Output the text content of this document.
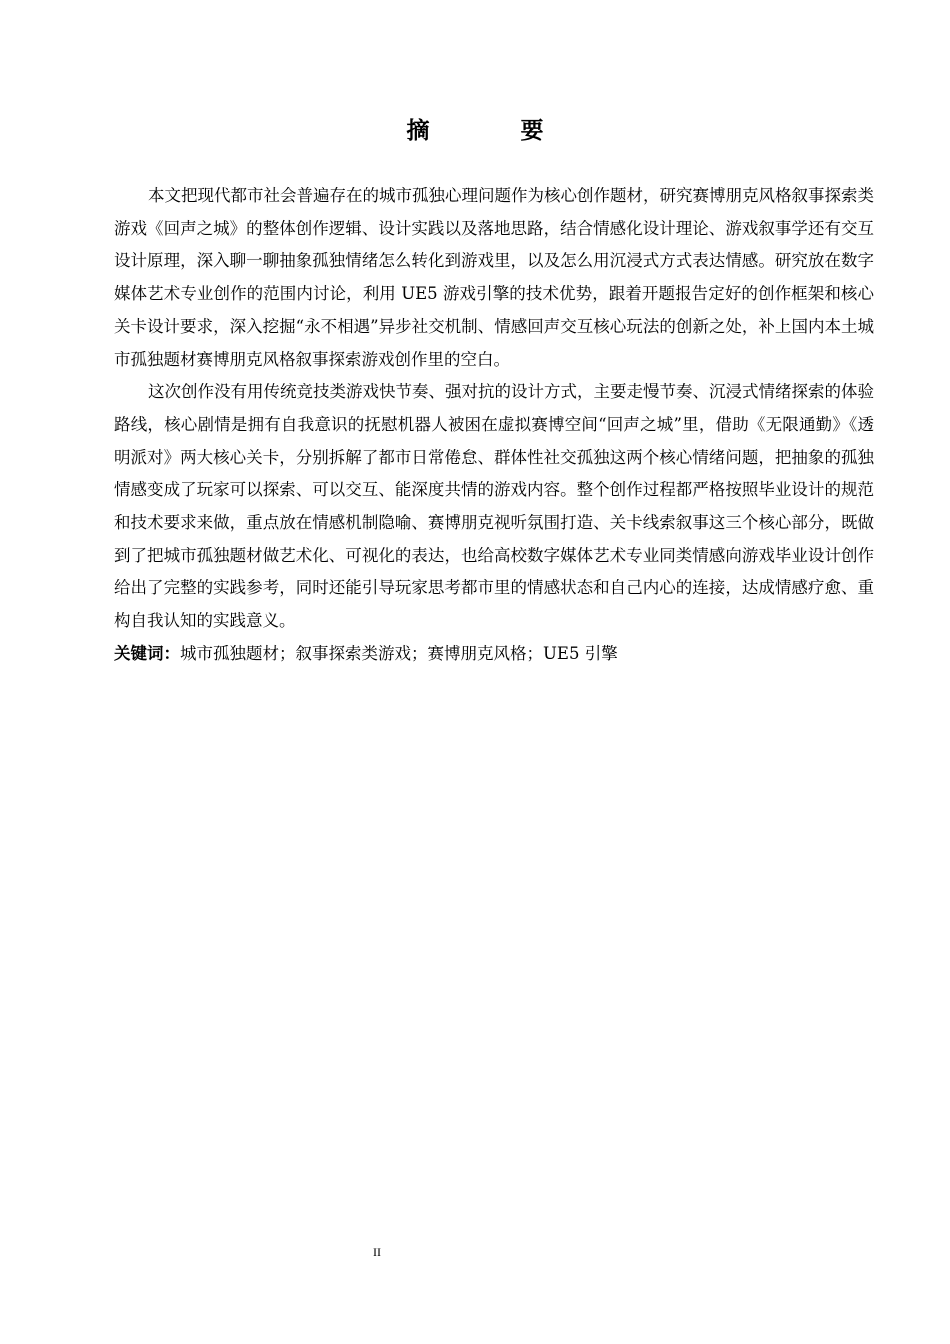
摘　要

本文把现代都市社会普遍存在的城市孤独心理问题作为核心创作题材，研究赛博朋克风格叙事探索类游戏《回声之城》的整体创作逻辑、设计实践以及落地思路，结合情感化设计理论、游戏叙事学还有交互设计原理，深入聊一聊抽象孤独情绪怎么转化到游戏里，以及怎么用沉浸式方式表达情感。研究放在数字媒体艺术专业创作的范围内讨论，利用 UE5 游戏引擎的技术优势，跟着开题报告定好的创作框架和核心关卡设计要求，深入挖掘“永不相遇”异步社交机制、情感回声交互核心玩法的创新之处，补上国内本土城市孤独题材赛博朋克风格叙事探索游戏创作里的空白。

这次创作没有用传统竞技类游戏快节奏、强对抗的设计方式，主要走慢节奏、沉浸式情绪探索的体验路线，核心剧情是拥有自我意识的抚慰机器人被困在虚拟赛博空间“回声之城”里，借助《无限通勤》《透明派对》两大核心关卡，分别拆解了都市日常倦怠、群体性社交孤独这两个核心情绪问题，把抽象的孤独情感变成了玩家可以探索、可以交互、能深度共情的游戏内容。整个创作过程都严格按照毕业设计的规范和技术要求来做，重点放在情感机制隐喻、赛博朋克视听氛围打造、关卡线索叙事这三个核心部分，既做到了把城市孤独题材做艺术化、可视化的表达，也给高校数字媒体艺术专业同类情感向游戏毕业设计创作给出了完整的实践参考，同时还能引导玩家思考都市里的情感状态和自己内心的连接，达成情感疗愈、重构自我认知的实践意义。

关键词：城市孤独题材；叙事探索类游戏；赛博朋克风格；UE5 引擎

II
